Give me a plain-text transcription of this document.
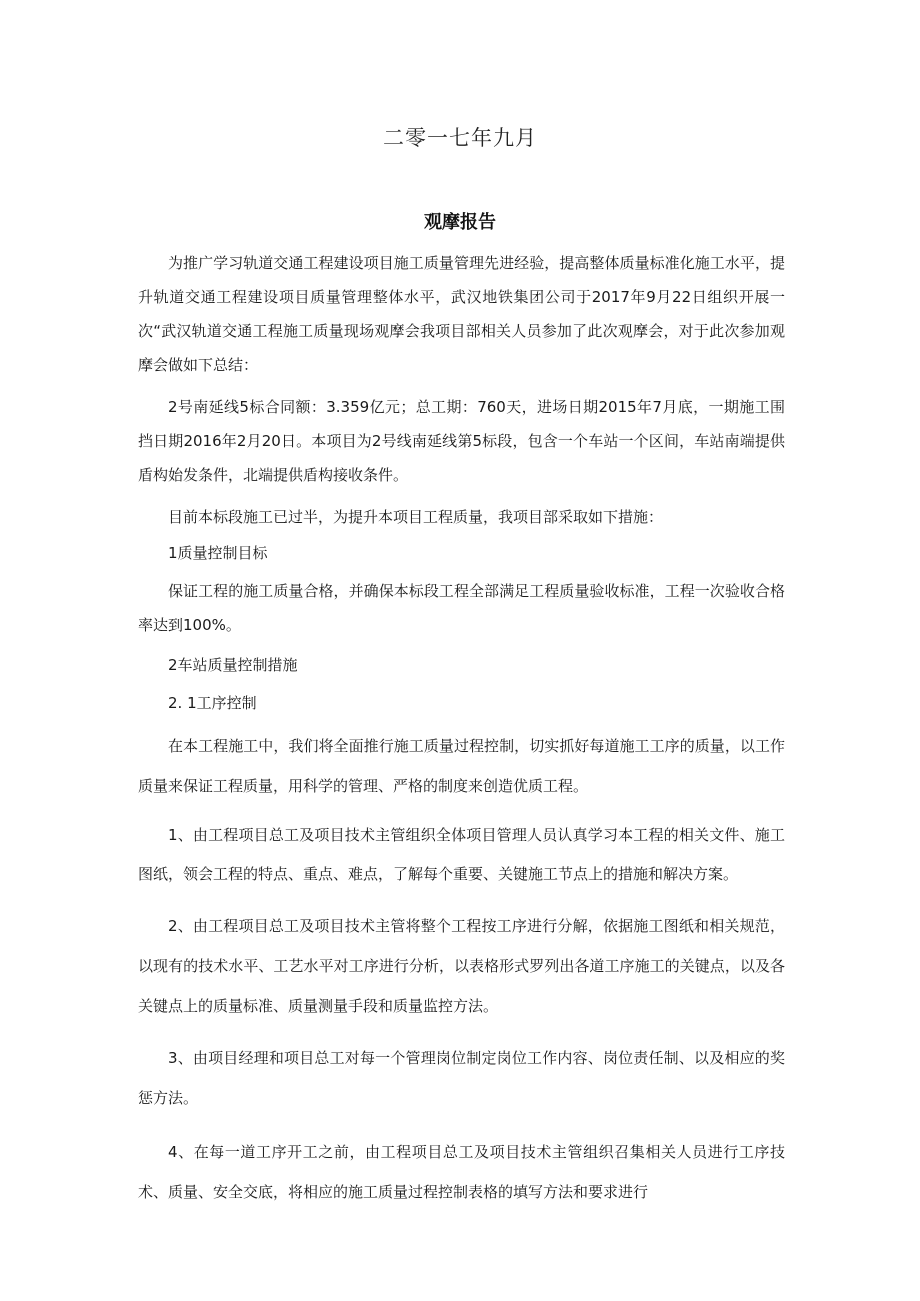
二零一七年九月
观摩报告

为推广学习轨道交通工程建设项目施工质量管理先进经验，提高整体质量标准化施工水平，提升轨道交通工程建设项目质量管理整体水平，武汉地铁集团公司于2017年9月22日组织开展一次“武汉轨道交通工程施工质量现场观摩会我项目部相关人员参加了此次观摩会，对于此次参加观摩会做如下总结：

2号南延线5标合同额：3.359亿元；总工期：760天，进场日期2015年7月底，一期施工围挡日期2016年2月20日。本项目为2号线南延线第5标段，包含一个车站一个区间，车站南端提供盾构始发条件，北端提供盾构接收条件。

目前本标段施工已过半，为提升本项目工程质量，我项目部采取如下措施：

1质量控制目标

保证工程的施工质量合格，并确保本标段工程全部满足工程质量验收标准，工程一次验收合格率达到100%。

2车站质量控制措施

2. 1工序控制

在本工程施工中，我们将全面推行施工质量过程控制，切实抓好每道施工工序的质量，以工作质量来保证工程质量，用科学的管理、严格的制度来创造优质工程。

1、由工程项目总工及项目技术主管组织全体项目管理人员认真学习本工程的相关文件、施工图纸，领会工程的特点、重点、难点，了解每个重要、关键施工节点上的措施和解决方案。

2、由工程项目总工及项目技术主管将整个工程按工序进行分解，依据施工图纸和相关规范，以现有的技术水平、工艺水平对工序进行分析，以表格形式罗列出各道工序施工的关键点，以及各关键点上的质量标准、质量测量手段和质量监控方法。

3、由项目经理和项目总工对每一个管理岗位制定岗位工作内容、岗位责任制、以及相应的奖惩方法。

4、在每一道工序开工之前，由工程项目总工及项目技术主管组织召集相关人员进行工序技术、质量、安全交底，将相应的施工质量过程控制表格的填写方法和要求进行
